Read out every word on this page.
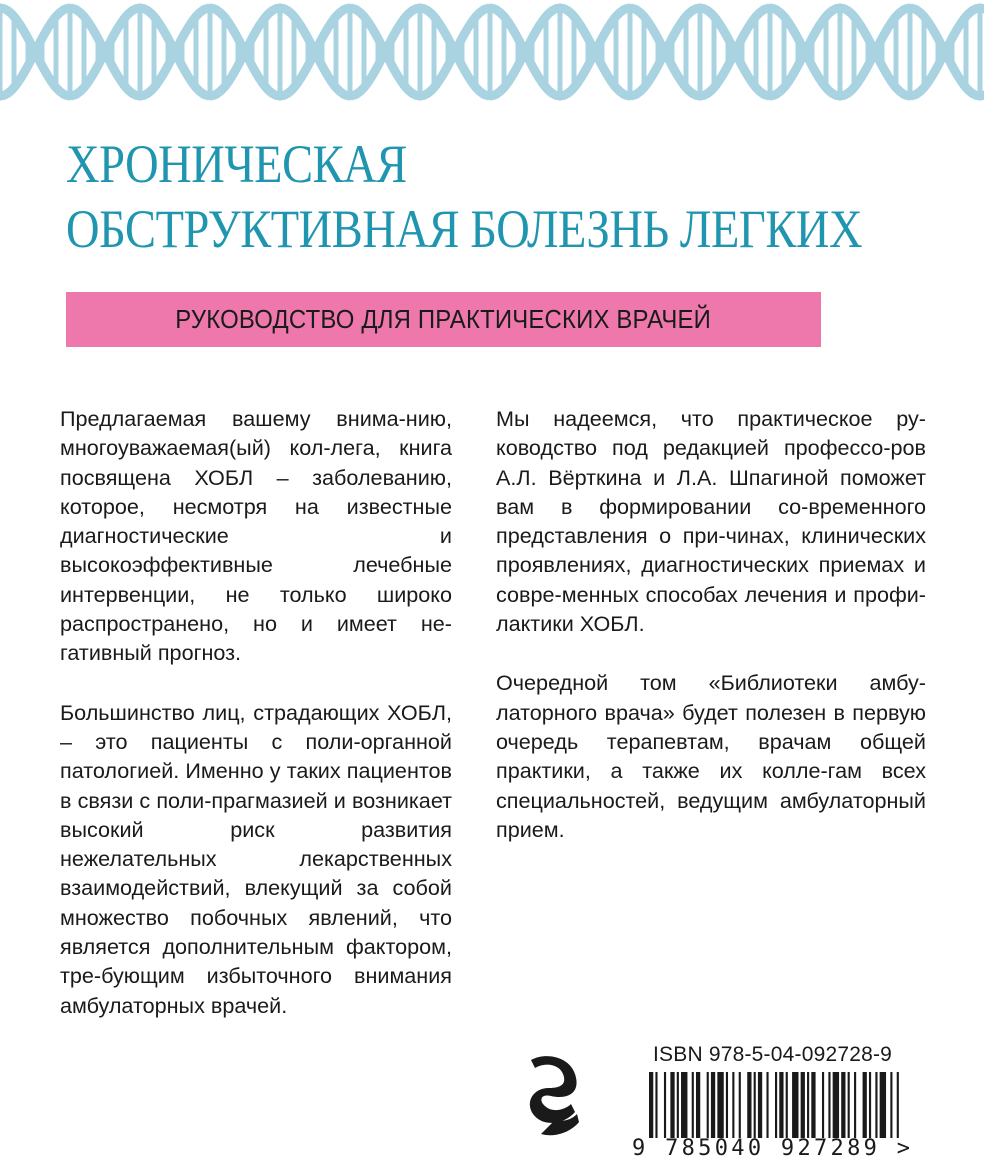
ХРОНИЧЕСКАЯ
ОБСТРУКТИВНАЯ БОЛЕЗНЬ ЛЕГКИХ
РУКОВОДСТВО ДЛЯ ПРАКТИЧЕСКИХ ВРАЧЕЙ

Предлагаемая вашему внима-нию, многоуважаемая(ый) кол-лега, книга посвящена ХОБЛ – заболеванию, которое, несмотря на известные диагностические и высокоэффективные лечебные интервенции, не только широко распространено, но и имеет не-гативный прогноз.

Большинство лиц, страдающих ХОБЛ, – это пациенты с поли-органной патологией. Именно у таких пациентов в связи с поли-прагмазией и возникает высокий риск развития нежелательных лекарственных взаимодействий, влекущий за собой множество побочных явлений, что является дополнительным фактором, тре-бующим избыточного внимания амбулаторных врачей.

Мы надеемся, что практическое ру-ководство под редакцией профессо-ров А.Л. Вёрткина и Л.А. Шпагиной поможет вам в формировании со-временного представления о при-чинах, клинических проявлениях, диагностических приемах и совре-менных способах лечения и профи-лактики ХОБЛ.

Очередной том «Библиотеки амбу-латорного врача» будет полезен в первую очередь терапевтам, врачам общей практики, а также их колле-гам всех специальностей, ведущим амбулаторный прием.

ISBN 978-5-04-092728-9
9 785040 927289 >
